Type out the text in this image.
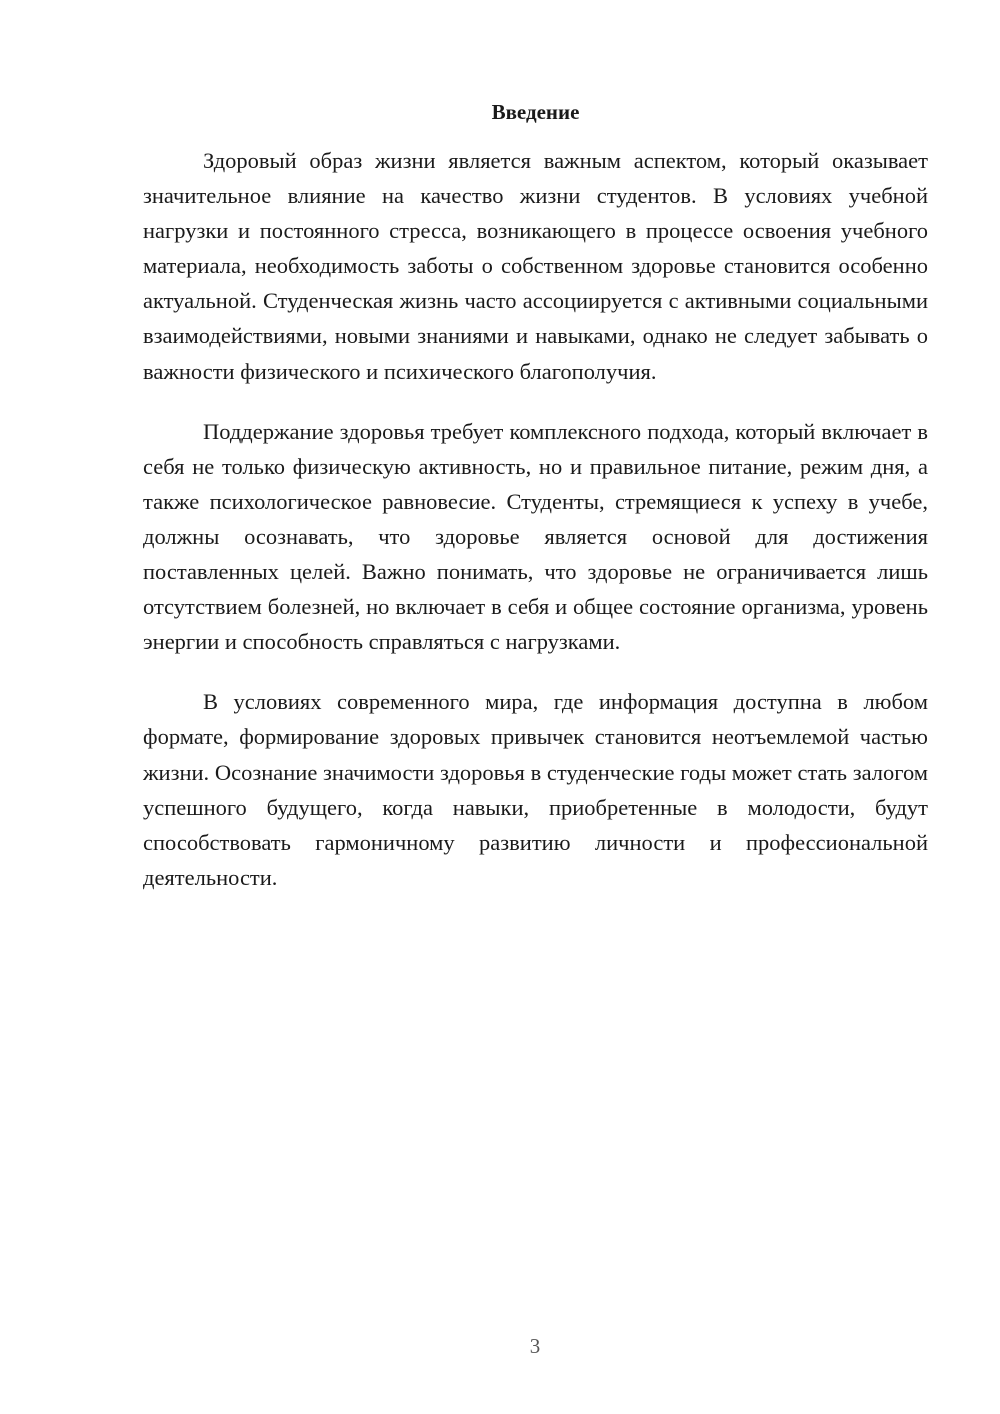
Введение

Здоровый образ жизни является важным аспектом, который оказывает значительное влияние на качество жизни студентов. В условиях учебной нагрузки и постоянного стресса, возникающего в процессе освоения учебного материала, необходимость заботы о собственном здоровье становится особенно актуальной. Студенческая жизнь часто ассоциируется с активными социальными взаимодействиями, новыми знаниями и навыками, однако не следует забывать о важности физического и психического благополучия.

Поддержание здоровья требует комплексного подхода, который включает в себя не только физическую активность, но и правильное питание, режим дня, а также психологическое равновесие. Студенты, стремящиеся к успеху в учебе, должны осознавать, что здоровье является основой для достижения поставленных целей. Важно понимать, что здоровье не ограничивается лишь отсутствием болезней, но включает в себя и общее состояние организма, уровень энергии и способность справляться с нагрузками.

В условиях современного мира, где информация доступна в любом формате, формирование здоровых привычек становится неотъемлемой частью жизни. Осознание значимости здоровья в студенческие годы может стать залогом успешного будущего, когда навыки, приобретенные в молодости, будут способствовать гармоничному развитию личности и профессиональной деятельности.

3
